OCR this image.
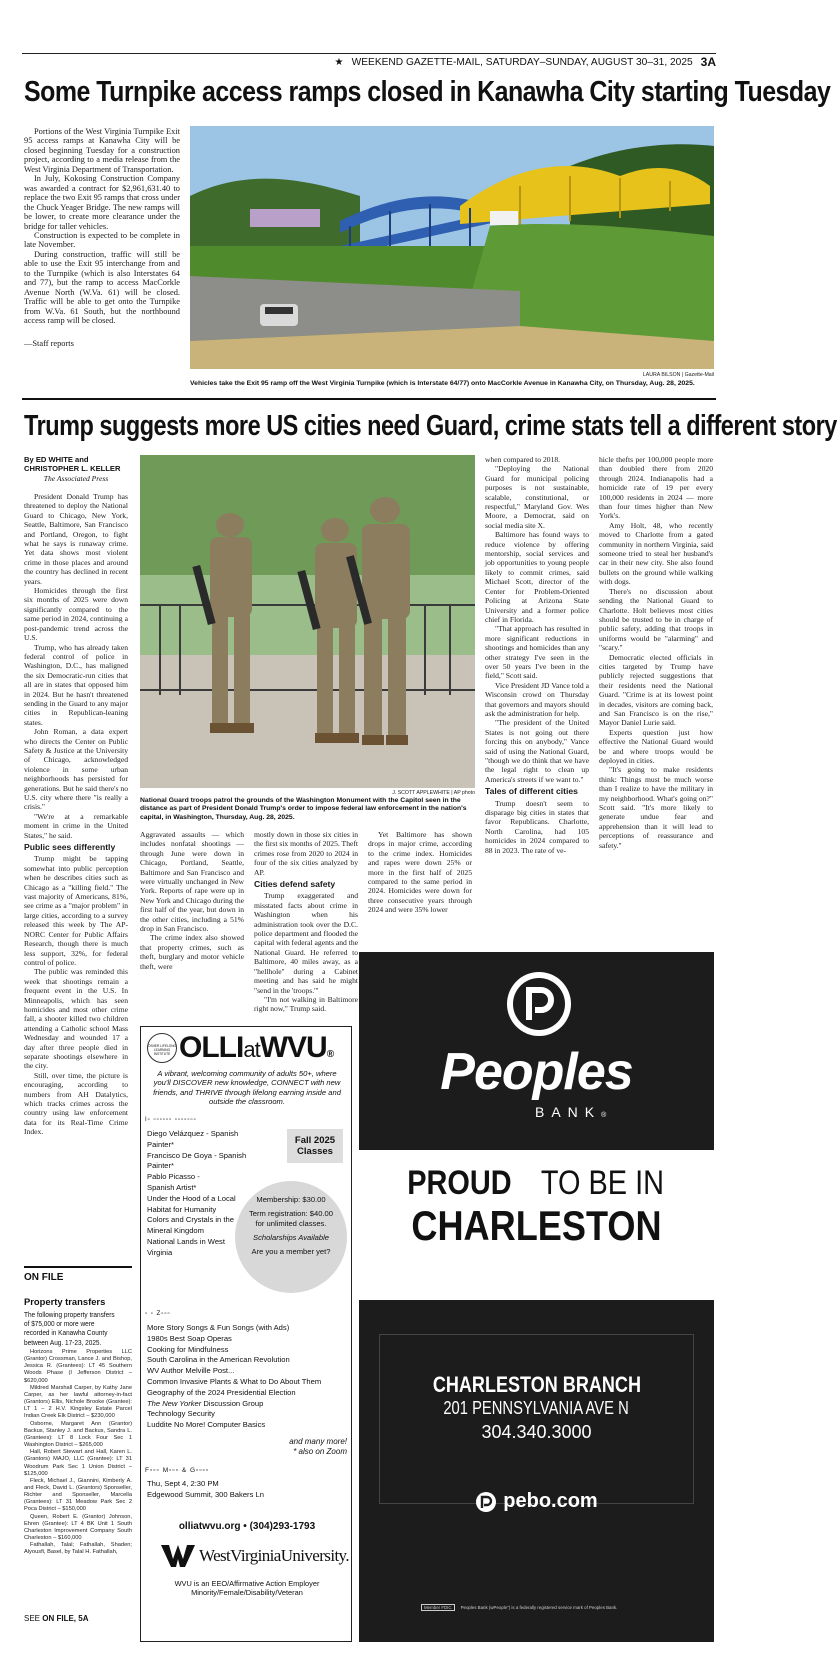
★ WEEKEND GAZETTE-MAIL, SATURDAY–SUNDAY, AUGUST 30–31, 2025 3A
Some Turnpike access ramps closed in Kanawha City starting Tuesday

Portions of the West Virginia Turnpike Exit 95 access ramps at Kanawha City will be closed beginning Tuesday for a construction project, according to a media release from the West Virginia Department of Transportation.

In July, Kokosing Construction Company was awarded a contract for $2,961,631.40 to replace the two Exit 95 ramps that cross under the Chuck Yeager Bridge. The new ramps will be lower, to create more clearance under the bridge for taller vehicles.

Construction is expected to be complete in late November.

During construction, traffic will still be able to use the Exit 95 interchange from and to the Turnpike (which is also Interstates 64 and 77), but the ramp to access MacCorkle Avenue North (W.Va. 61) will be closed. Traffic will be able to get onto the Turnpike from W.Va. 61 South, but the northbound access ramp will be closed.

—Staff reports

LAURA BILSON | Gazette-Mail
Vehicles take the Exit 95 ramp off the West Virginia Turnpike (which is Interstate 64/77) onto MacCorkle Avenue in Kanawha City, on Thursday, Aug. 28, 2025.
Trump suggests more US cities need Guard, crime stats tell a different story
By ED WHITE and
CHRISTOPHER L. KELLER
The Associated Press

President Donald Trump has threatened to deploy the National Guard to Chicago, New York, Seattle, Baltimore, San Francisco and Portland, Oregon, to fight what he says is runaway crime. Yet data shows most violent crime in those places and around the country has declined in recent years.

Homicides through the first six months of 2025 were down significantly compared to the same period in 2024, continuing a post-pandemic trend across the U.S.

Trump, who has already taken federal control of police in Washington, D.C., has maligned the six Democratic-run cities that all are in states that opposed him in 2024. But he hasn't threatened sending in the Guard to any major cities in Republican-leaning states.

John Roman, a data expert who directs the Center on Public Safety & Justice at the University of Chicago, acknowledged violence in some urban neighborhoods has persisted for generations. But he said there's no U.S. city where there "is really a crisis."

"We're at a remarkable moment in crime in the United States," he said.

Public sees differently

Trump might be tapping somewhat into public perception when he describes cities such as Chicago as a "killing field." The vast majority of Americans, 81%, see crime as a "major problem" in large cities, according to a survey released this week by The AP-NORC Center for Public Affairs Research, though there is much less support, 32%, for federal control of police.

The public was reminded this week that shootings remain a frequent event in the U.S. In Minneapolis, which has seen homicides and most other crime fall, a shooter killed two children attending a Catholic school Mass Wednesday and wounded 17 a day after three people died in separate shootings elsewhere in the city.

Still, over time, the picture is encouraging, according to numbers from AH Datalytics, which tracks crimes across the country using law enforcement data for its Real-Time Crime Index.

J. SCOTT APPLEWHITE | AP photo
National Guard troops patrol the grounds of the Washington Monument with the Capitol seen in the distance as part of President Donald Trump's order to impose federal law enforcement in the nation's capital, in Washington, Thursday, Aug. 28, 2025.

Aggravated assaults — which includes nonfatal shootings — through June were down in Chicago, Portland, Seattle, Baltimore and San Francisco and were virtually unchanged in New York. Reports of rape were up in New York and Chicago during the first half of the year, but down in the other cities, including a 51% drop in San Francisco.

The crime index also showed that property crimes, such as theft, burglary and motor vehicle theft, were

mostly down in those six cities in the first six months of 2025. Theft crimes rose from 2020 to 2024 in four of the six cities analyzed by AP.

Cities defend safety

Trump exaggerated and misstated facts about crime in Washington when his administration took over the D.C. police department and flooded the capital with federal agents and the National Guard. He referred to Baltimore, 40 miles away, as a "hellhole" during a Cabinet meeting and has said he might "send in the 'troops.'"

"I'm not walking in Baltimore right now," Trump said.

Yet Baltimore has shown drops in major crime, according to the crime index. Homicides and rapes were down 25% or more in the first half of 2025 compared to the same period in 2024. Homicides were down for three consecutive years through 2024 and were 35% lower

when compared to 2018.

"Deploying the National Guard for municipal policing purposes is not sustainable, scalable, constitutional, or respectful," Maryland Gov. Wes Moore, a Democrat, said on social media site X.

Baltimore has found ways to reduce violence by offering mentorship, social services and job opportunities to young people likely to commit crimes, said Michael Scott, director of the Center for Problem-Oriented Policing at Arizona State University and a former police chief in Florida.

"That approach has resulted in more significant reductions in shootings and homicides than any other strategy I've seen in the over 50 years I've been in the field," Scott said.

Vice President JD Vance told a Wisconsin crowd on Thursday that governors and mayors should ask the administration for help.

"The president of the United States is not going out there forcing this on anybody," Vance said of using the National Guard, "though we do think that we have the legal right to clean up America's streets if we want to."

Tales of different cities

Trump doesn't seem to disparage big cities in states that favor Republicans. Charlotte, North Carolina, had 105 homicides in 2024 compared to 88 in 2023. The rate of ve-

hicle thefts per 100,000 people more than doubled there from 2020 through 2024. Indianapolis had a homicide rate of 19 per every 100,000 residents in 2024 — more than four times higher than New York's.

Amy Holt, 48, who recently moved to Charlotte from a gated community in northern Virginia, said someone tried to steal her husband's car in their new city. She also found bullets on the ground while walking with dogs.

There's no discussion about sending the National Guard to Charlotte. Holt believes most cities should be trusted to be in charge of public safety, adding that troops in uniforms would be "alarming" and "scary."

Democratic elected officials in cities targeted by Trump have publicly rejected suggestions that their residents need the National Guard. "Crime is at its lowest point in decades, visitors are coming back, and San Francisco is on the rise," Mayor Daniel Lurie said.

Experts question just how effective the National Guard would be and where troops would be deployed in cities.

"It's going to make residents think: Things must be much worse than I realize to have the military in my neighborhood. What's going on?" Scott said. "It's more likely to generate undue fear and apprehension than it will lead to perceptions of reassurance and safety."

ON FILE
Property transfers
The following property transfers of $75,000 or more were recorded in Kanawha County between Aug. 17-23, 2025.

Horizons Prime Properties LLC (Grantor) Crossman, Lance J. and Bishop, Jessica R. (Grantees): LT 45 Southern Woods Phase (I Jefferson District – $620,000

Mildred Marshall Carper, by Kathy Jane Carper, as her lawful attorney-in-fact (Grantors) Ellis, Nichole Brooke (Grantee): LT 1 – 2 H.V. Kingsley Estate Parcel Indian Creek Elk District – $230,000

Osborne, Margaret Ann (Grantor) Backus, Stanley J. and Backus, Sandra L. (Grantees): LT 8 Lock Four Sec 1 Washington District – $265,000

Hall, Robert Stewart and Hall, Karen L. (Grantors) MAJO, LLC (Grantee): LT 31 Woodrum Park Sec 1 Union District – $125,000

Fleck, Michael J., Giannini, Kimberly A. and Fleck, David L. (Grantors) Sponseller, Richter and Sponseller, Marcella (Grantees): LT 31 Meadow Park Sec 2 Poca District – $150,000

Queen, Robert E. (Grantor) Johnson, Ehren (Grantee): LT 4 BK Unit 1 South Charleston Improvement Company South Charleston – $160,000

Fathallah, Talal; Fathallah, Shaden; Alyousfi, Basel, by Talal H. Fathallah,

SEE ON FILE, 5A
OSHER LIFELONG LEARNING INSTITUTE OLLIatWVU®
A vibrant, welcoming community of adults 50+, where you'll DISCOVER new knowledge, CONNECT with new friends, and THRIVE through lifelong earning inside and outside the classroom.
I▫ ▫▫▫▫▫▫ ▫▫▫▫▫▫▫
Diego Velázquez - Spanish Painter*
Francisco De Goya - Spanish Painter*
Pablo Picasso - Spanish Artist*
Under the Hood of a Local Habitat for Humanity
Colors and Crystals in the Mineral Kingdom
National Lands in West Virginia
Fall 2025 Classes
Membership: $30.00
Term registration: $40.00 for unlimited classes.
Scholarships Available
Are you a member yet?
▫ ▫ Z▫▫▫
More Story Songs & Fun Songs (with Ads)
1980s Best Soap Operas
Cooking for Mindfulness
South Carolina in the American Revolution
WV Author Melville Post...
Common Invasive Plants & What to Do About Them
Geography of the 2024 Presidential Election
The New Yorker Discussion Group
Technology Security
Luddite No More! Computer Basics
and many more!
* also on Zoom
F▫▫▫ M▫▫▫ & G▫▫▫▫
Thu, Sept 4, 2:30 PM
Edgewood Summit, 300 Bakers Ln
olliatwvu.org • (304)293-1793
WestVirginiaUniversity.
WVU is an EEO/Affirmative Action Employer
Minority/Female/Disability/Veteran
Peoples
BANK®
PROUD TO BE IN
CHARLESTON
CHARLESTON BRANCH
201 PENNSYLVANIA AVE N
304.340.3000
pebo.com
Member FDIC	Peoples Bank (wPeople") is a federally registered service mark of Peoples Bank.
